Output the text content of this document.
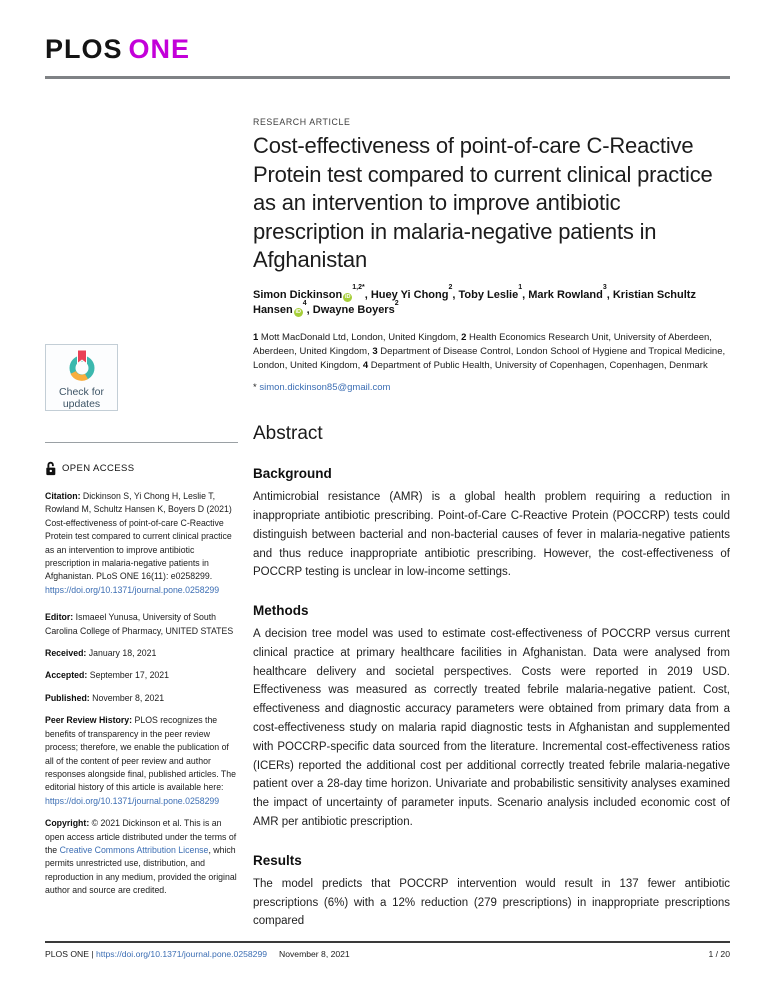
PLOS ONE
Check for
updates
OPEN ACCESS
Citation: Dickinson S, Yi Chong H, Leslie T, Rowland M, Schultz Hansen K, Boyers D (2021) Cost-effectiveness of point-of-care C-Reactive Protein test compared to current clinical practice as an intervention to improve antibiotic prescription in malaria-negative patients in Afghanistan. PLoS ONE 16(11): e0258299. https://doi.org/10.1371/journal.pone.0258299
Editor: Ismaeel Yunusa, University of South Carolina College of Pharmacy, UNITED STATES
Received: January 18, 2021
Accepted: September 17, 2021
Published: November 8, 2021
Peer Review History: PLOS recognizes the benefits of transparency in the peer review process; therefore, we enable the publication of all of the content of peer review and author responses alongside final, published articles. The editorial history of this article is available here: https://doi.org/10.1371/journal.pone.0258299
Copyright: © 2021 Dickinson et al. This is an open access article distributed under the terms of the Creative Commons Attribution License, which permits unrestricted use, distribution, and reproduction in any medium, provided the original author and source are credited.
RESEARCH ARTICLE
Cost-effectiveness of point-of-care C-Reactive Protein test compared to current clinical practice as an intervention to improve antibiotic prescription in malaria-negative patients in Afghanistan
Simon DickinsoniD$^{1,2*}$, Huey Yi Chong$^2$, Toby Leslie$^1$, Mark Rowland$^3$, Kristian Schultz HanseniD$^4$, Dwayne Boyers$^2$
1 Mott MacDonald Ltd, London, United Kingdom, 2 Health Economics Research Unit, University of Aberdeen, Aberdeen, United Kingdom, 3 Department of Disease Control, London School of Hygiene and Tropical Medicine, London, United Kingdom, 4 Department of Public Health, University of Copenhagen, Copenhagen, Denmark
* simon.dickinson85@gmail.com
Abstract
Background

Antimicrobial resistance (AMR) is a global health problem requiring a reduction in inappropriate antibiotic prescribing. Point-of-Care C-Reactive Protein (POCCRP) tests could distinguish between bacterial and non-bacterial causes of fever in malaria-negative patients and thus reduce inappropriate antibiotic prescribing. However, the cost-effectiveness of POCCRP testing is unclear in low-income settings.

Methods

A decision tree model was used to estimate cost-effectiveness of POCCRP versus current clinical practice at primary healthcare facilities in Afghanistan. Data were analysed from healthcare delivery and societal perspectives. Costs were reported in 2019 USD. Effectiveness was measured as correctly treated febrile malaria-negative patient. Cost, effectiveness and diagnostic accuracy parameters were obtained from primary data from a cost-effectiveness study on malaria rapid diagnostic tests in Afghanistan and supplemented with POCCRP-specific data sourced from the literature. Incremental cost-effectiveness ratios (ICERs) reported the additional cost per additional correctly treated febrile malaria-negative patient over a 28-day time horizon. Univariate and probabilistic sensitivity analyses examined the impact of uncertainty of parameter inputs. Scenario analysis included economic cost of AMR per antibiotic prescription.

Results

The model predicts that POCCRP intervention would result in 137 fewer antibiotic prescriptions (6%) with a 12% reduction (279 prescriptions) in inappropriate prescriptions compared

PLOS ONE | https://doi.org/10.1371/journal.pone.0258299 November 8, 2021	1 / 20
